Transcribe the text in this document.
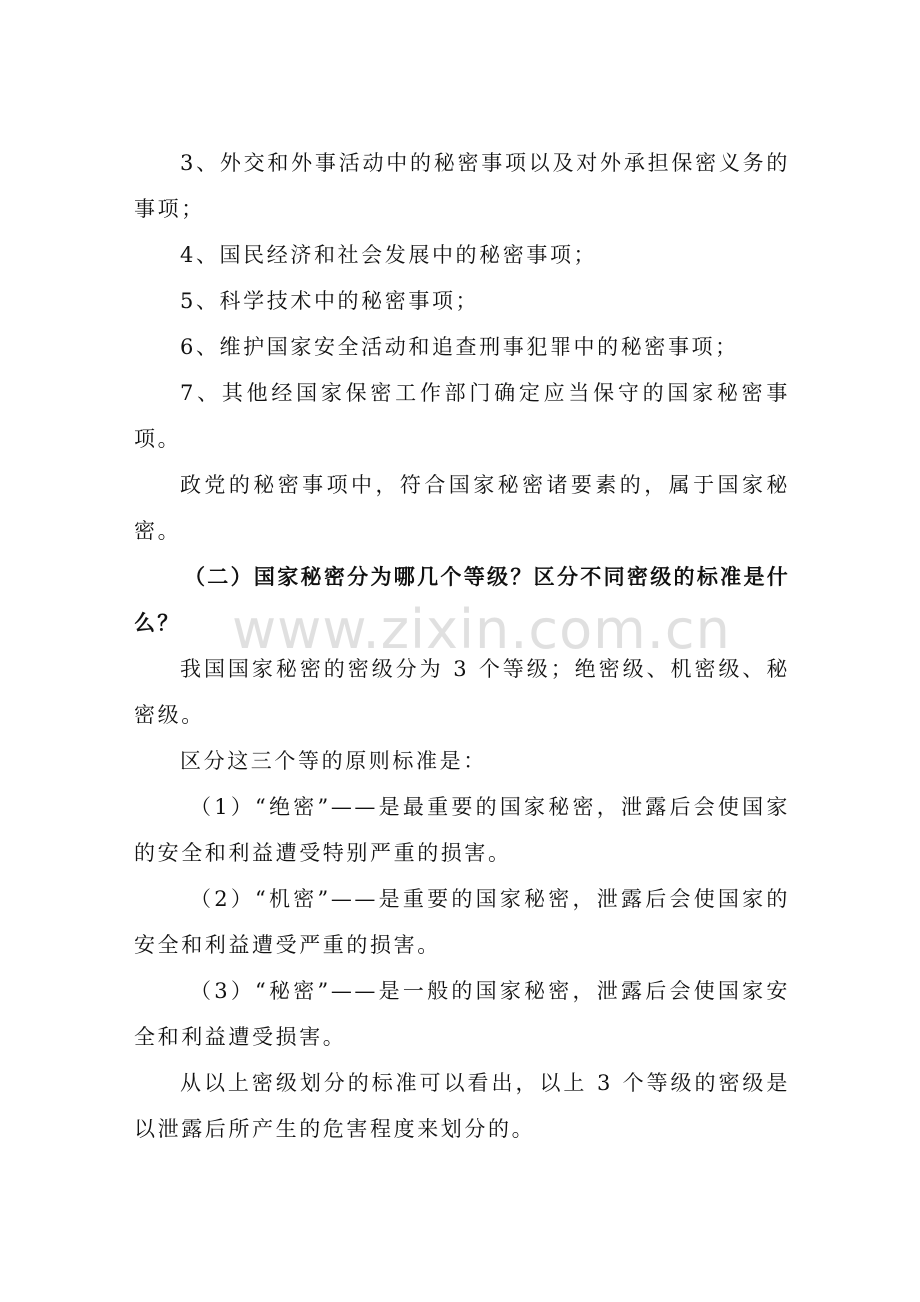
3、外交和外事活动中的秘密事项以及对外承担保密义务的事项；

4、国民经济和社会发展中的秘密事项；

5、科学技术中的秘密事项；

6、维护国家安全活动和追查刑事犯罪中的秘密事项；

7、其他经国家保密工作部门确定应当保守的国家秘密事项。

政党的秘密事项中，符合国家秘密诸要素的，属于国家秘密。

（二）国家秘密分为哪几个等级？区分不同密级的标准是什么？

我国国家秘密的密级分为 3 个等级；绝密级、机密级、秘密级。

区分这三个等的原则标准是：

（1）“绝密”——是最重要的国家秘密，泄露后会使国家的安全和利益遭受特别严重的损害。

（2）“机密”——是重要的国家秘密，泄露后会使国家的安全和利益遭受严重的损害。

（3）“秘密”——是一般的国家秘密，泄露后会使国家安全和利益遭受损害。

从以上密级划分的标准可以看出，以上 3 个等级的密级是以泄露后所产生的危害程度来划分的。

www.zixin.com.cn
